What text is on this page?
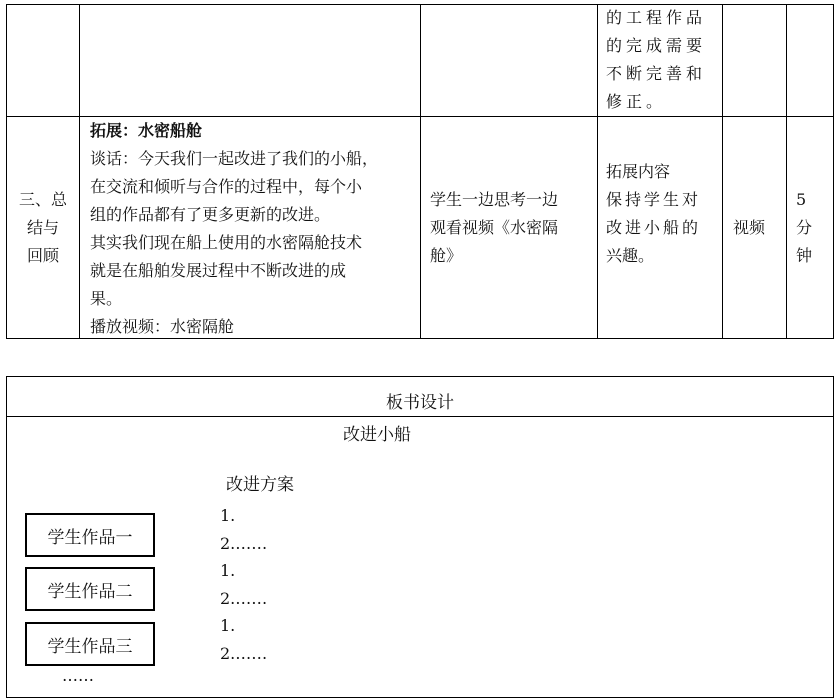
的工程作品
的完成需要
不断完善和
修正。
三、总
结与
回顾
拓展：水密船舱
谈话：今天我们一起改进了我们的小船，
在交流和倾听与合作的过程中，每个小
组的作品都有了更多更新的改进。
其实我们现在船上使用的水密隔舱技术
就是在船舶发展过程中不断改进的成
果。
播放视频：水密隔舱
学生一边思考一边
观看视频《水密隔
舱》
拓展内容
保持学生对
改进小船的
兴趣。
视频
5
分
钟
板书设计
改进小船
改进方案
学生作品一
学生作品二
学生作品三
1.
2.……
1.
2.……
1.
2.……
……
